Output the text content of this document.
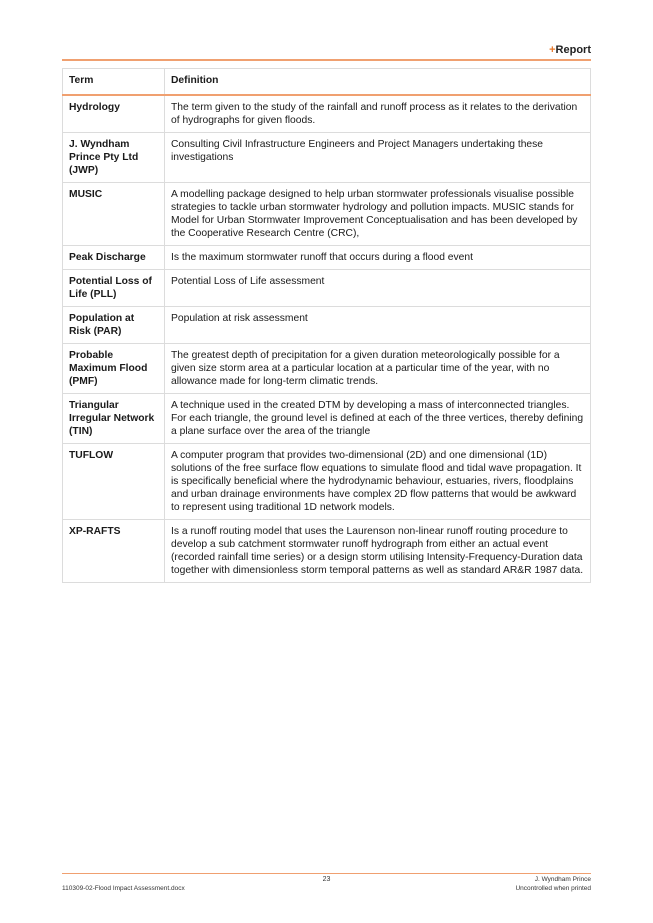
+Report
Term	Definition
Hydrology	The term given to the study of the rainfall and runoff process as it relates to the derivation of hydrographs for given floods.
J. Wyndham Prince Pty Ltd (JWP)	Consulting Civil Infrastructure Engineers and Project Managers undertaking these investigations
MUSIC	A modelling package designed to help urban stormwater professionals visualise possible strategies to tackle urban stormwater hydrology and pollution impacts. MUSIC stands for Model for Urban Stormwater Improvement Conceptualisation and has been developed by the Cooperative Research Centre (CRC),
Peak Discharge	Is the maximum stormwater runoff that occurs during a flood event
Potential Loss of Life (PLL)	Potential Loss of Life assessment
Population at Risk (PAR)	Population at risk assessment
Probable Maximum Flood (PMF)	The greatest depth of precipitation for a given duration meteorologically possible for a given size storm area at a particular location at a particular time of the year, with no allowance made for long-term climatic trends.
Triangular Irregular Network (TIN)	A technique used in the created DTM by developing a mass of interconnected triangles. For each triangle, the ground level is defined at each of the three vertices, thereby defining a plane surface over the area of the triangle
TUFLOW	A computer program that provides two-dimensional (2D) and one dimensional (1D) solutions of the free surface flow equations to simulate flood and tidal wave propagation. It is specifically beneficial where the hydrodynamic behaviour, estuaries, rivers, floodplains and urban drainage environments have complex 2D flow patterns that would be awkward to represent using traditional 1D network models.
XP-RAFTS	Is a runoff routing model that uses the Laurenson non-linear runoff routing procedure to develop a sub catchment stormwater runoff hydrograph from either an actual event (recorded rainfall time series) or a design storm utilising Intensity-Frequency-Duration data together with dimensionless storm temporal patterns as well as standard AR&R 1987 data.
23	J. Wyndham Prince
110309-02-Flood Impact Assessment.docx	Uncontrolled when printed
